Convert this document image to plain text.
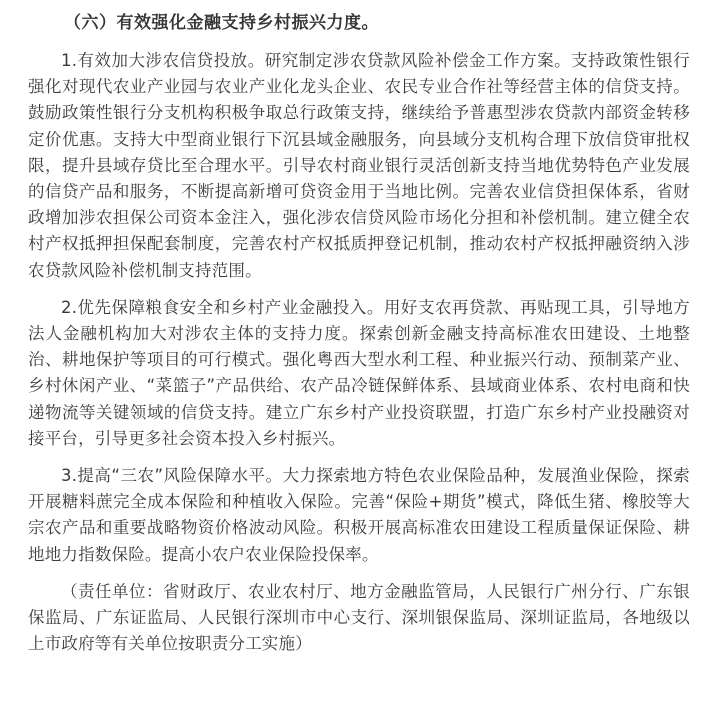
（六）有效强化金融支持乡村振兴力度。

1.有效加大涉农信贷投放。研究制定涉农贷款风险补偿金工作方案。支持政策性银行强化对现代农业产业园与农业产业化龙头企业、农民专业合作社等经营主体的信贷支持。鼓励政策性银行分支机构积极争取总行政策支持，继续给予普惠型涉农贷款内部资金转移定价优惠。支持大中型商业银行下沉县域金融服务，向县域分支机构合理下放信贷审批权限，提升县域存贷比至合理水平。引导农村商业银行灵活创新支持当地优势特色产业发展的信贷产品和服务，不断提高新增可贷资金用于当地比例。完善农业信贷担保体系，省财政增加涉农担保公司资本金注入，强化涉农信贷风险市场化分担和补偿机制。建立健全农村产权抵押担保配套制度，完善农村产权抵质押登记机制，推动农村产权抵押融资纳入涉农贷款风险补偿机制支持范围。

2.优先保障粮食安全和乡村产业金融投入。用好支农再贷款、再贴现工具，引导地方法人金融机构加大对涉农主体的支持力度。探索创新金融支持高标准农田建设、土地整治、耕地保护等项目的可行模式。强化粤西大型水利工程、种业振兴行动、预制菜产业、乡村休闲产业、“菜篮子”产品供给、农产品冷链保鲜体系、县域商业体系、农村电商和快递物流等关键领域的信贷支持。建立广东乡村产业投资联盟，打造广东乡村产业投融资对接平台，引导更多社会资本投入乡村振兴。

3.提高“三农”风险保障水平。大力探索地方特色农业保险品种，发展渔业保险，探索开展糖料蔗完全成本保险和种植收入保险。完善“保险+期货”模式，降低生猪、橡胶等大宗农产品和重要战略物资价格波动风险。积极开展高标准农田建设工程质量保证保险、耕地地力指数保险。提高小农户农业保险投保率。

（责任单位：省财政厅、农业农村厅、地方金融监管局，人民银行广州分行、广东银保监局、广东证监局、人民银行深圳市中心支行、深圳银保监局、深圳证监局，各地级以上市政府等有关单位按职责分工实施）
